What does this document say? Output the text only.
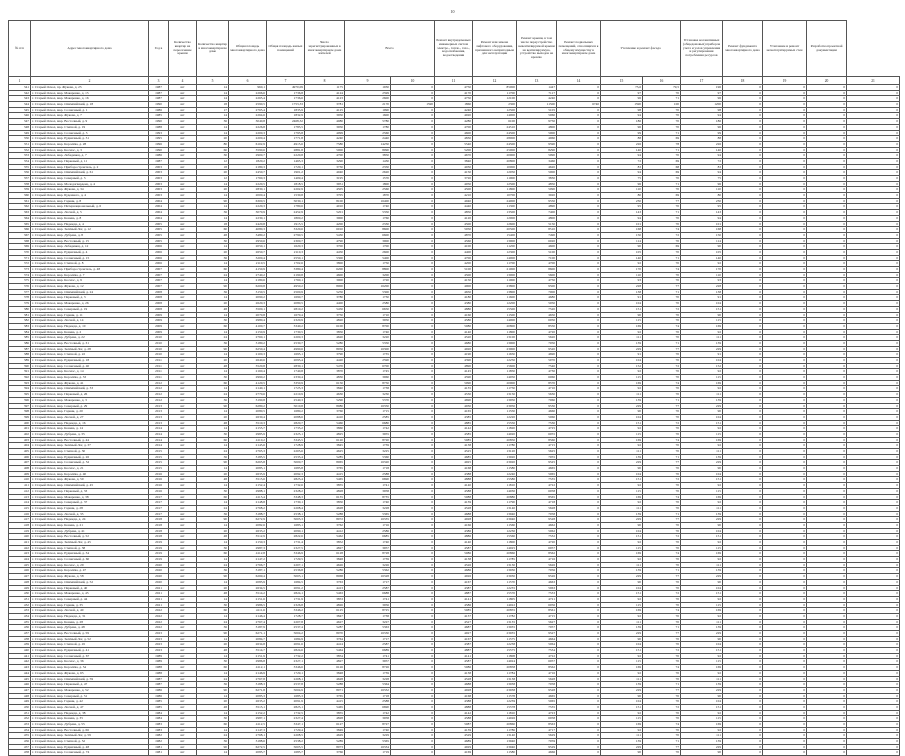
10
№ п/п	Адрес многоквартирного дома	Год в	Количество квартир на пересечение крыши	Количество квартир в многоквартирном доме	Общая площадь многоквартирного дома	Общая площадь жилых помещений	Число зарегистрированных в многоквартирном доме жителей	Всего		Ремонт внутридомовых инженерных систем электро-, тепло-, газо-, водоснабжения, водоотведения	Ремонт или замена лифтового оборудования, признанного непригодным для эксплуатации	Ремонт крыши, в том числе переустройство невентилируемой крыши на вентилируемую, устройство выходов на кровлю	Ремонт подвальных помещений, относящихся к общему имуществу в многоквартирном доме	Утепление и ремонт фасада		Установка коллективных (общедомовых) приборов учета и узлов управления и регулирования потребления ресурсов	Ремонт фундамента многоквартирного дома	Утепление и ремонт неэксплуатируемых стен	Разработка проектной документации	
1	2	3	4	5	6	7	8	9	10	11	12	13	14	15	16	17	18	19	20	21
341	г. Старый Оскол, пр. Жукова, д. 25	1987	шт	14	960,1	4970,09	1175	1930	0	4750	85000	1447	0	73,6	79,5	196	0	0	0	0
342	г. Старый Оскол, мкр. Макаренко, д. 15	1987	шт	14	2266,6	1736,8	4124	2599	0	4170	11700	7117	0	97	70	97	0	0	0	0
343	г. Старый Оскол, мкр. Макаренко, д. 16	1987	шт	14	2265,4	1736,6	4123	2600	0	4750	12100	4240	0	96	71	96	0	0	0	0
344	г. Старый Оскол, мкр. Олимпийский, д. 18	1990	шт	18	2590,5	1753,33	3781	2170	1590	1860	2300	11500	6740	1590	100	1200	0	0	0	0
345	г. Старый Оскол, мкр. Солнечный, д. 1	1986	шт	17	2765,4	1835,9	4125	1990	0	4240	12500	5105	0	98	70	98	0	0	0	0
346	г. Старый Оскол, мкр. Жукова, д. 7	1985	шт	14	2264,6	1832,9	3950	1600	0	4020	14000	5060	0	94	70	94	0	0	0	0
347	г. Старый Оскол, мкр. Восточный, д. 9	1990	шт	36	3040,8	2468,32	4080	5780	0	4280	6100	9750	0	186	70	186	0	0	0	0
348	г. Старый Оскол, мкр. Степной, д. 19	1988	шт	14	2226,8	1783,5	3950	1780	0	4700	24510	4800	0	96	70	96	0	0	0	0
349	г. Старый Оскол, мкр. Солнечный, д. 3	1993	шт	14	2200,3	1793,8	4099	2560	0	4600	24500	5000	0	99	71	99	0	0	0	0
350	г. Старый Оскол, мкр. Рудничный, д. 31	1995	шт	20	2200,4	1771,8	4240	2440	0	4830	28000	4960	0	88	69	88	0	0	0	0
351	г. Старый Оскол, мкр. Королёва, д. 28	1996	шт	80	6102,9	4915,6	7580	14250	0	5540	24500	9590	0	226	78	226	0	0	0	0
352	г. Старый Оскол, мкр. Космос, д. 3	1990	шт	60	3590,6	2881,8	5000	8090	0	5200	25000	8290	0	140	71	140	0	0	0	0
353	г. Старый Оскол, мкр. Лебединец, д. 7	1986	шт	30	2900,7	2220,8	4700	3850	0	4670	20900	5990	0	94	70	94	0	0	0	0
354	г. Старый Оскол, мкр. Парковый, д. 11	1987	шт	12	1820,2	1465,3	3290	1430	0	3840	20800	3460	0	72	69	72	0	0	0	0
355	г. Старый Оскол, мкр. Приборостроитель, д. 2	2003	шт	18	2180,3	1720,1	3730	2350	0	4030	10000	4620	0	83	68	83	0	0	0	0
356	г. Старый Оскол, мкр. Олимпийский, д. 61	2003	шт	20	2450,7	1901,2	4040	2620	0	4150	12050	5000	0	94	69	94	0	0	0	0
357	г. Старый Оскол, мкр. Северный, д. 5	2003	шт	12	1760,3	1409,4	3195	1570	0	3720	11900	3830	0	75	70	75	0	0	0	0
358	г. Старый Оскол, мкр. Молодогвардеец, д. 4	2003	шт	14	2220,5	1818,5	3951	1800	0	4050	12500	4850	0	96	71	96	0	0	0	0
359	г. Старый Оскол, мкр. Жукова, д. 34	2003	шт	20	2830,1	2202,9	4505	2560	0	4500	11800	5090	0	110	70	110	0	0	0	0
360	г. Старый Оскол, мкр. Буденного, д. 4	2003	шт	14	2000,4	1530,8	3705	1870	0	4210	10700	3920	0	80	69	80	0	0	0	0
361	г. Старый Оскол, мкр. Горняк, д. 8	2004	шт	90	6300,5	5030,1	8100	16400	0	4940	24000	9550	0	230	77	230	0	0	0	0
362	г. Старый Оскол, мкр. Интернациональный, д. 6	2004	шт	14	2220,3	1780,6	4010	1740	0	4440	11300	4890	0	95	70	95	0	0	0	0
363	г. Старый Оскол, мкр. Лесной, д. 5	2004	шт	36	3070,9	2452,9	5201	5350	0	4850	13500	7400	0	143	71	143	0	0	0	0
364	г. Старый Оскол, мкр. Конева, д. 8	2004	шт	14	2230,1	1800,2	3900	1760	0	4120	12000	4800	0	94	70	94	0	0	0	0
365	г. Старый Оскол, мкр. Надежда, д. 4	2005	шт	18	2420,8	1915,5	4200	2330	0	4500	12600	5150	0	101	70	101	0	0	0	0
366	г. Старый Оскол, мкр. Зелёный Лог, д. 12	2005	шт	60	4080,3	3320,6	6010	8600	0	5050	20500	8510	0	168	74	168	0	0	0	0
367	г. Старый Оскол, мкр. Дубрава, д. 8	2005	шт	48	3480,2	2790,5	5430	6600	0	4870	15400	7490	0	150	72	150	0	0	0	0
368	г. Старый Оскол, мкр. Восточный, д. 15	2005	шт	30	2950,6	2300,7	4790	3900	0	4560	13900	6020	0	114	70	114	0	0	0	0
369	г. Старый Оскол, мкр. Лебединец, д. 12	2006	шт	14	2050,1	1620,3	3700	1700	0	4100	11200	4600	0	90	69	90	0	0	0	0
370	г. Старый Оскол, мкр. Рудничный, д. 4	2006	шт	20	2650,7	2110,3	4450	2600	0	4400	12300	5100	0	105	70	105	0	0	0	0
371	г. Старый Оскол, мкр. Солнечный, д. 15	2006	шт	36	3200,4	2550,1	5300	5400	0	4700	14000	7100	0	140	71	140	0	0	0	0
372	г. Старый Оскол, мкр. Степной, д. 8	2006	шт	14	2110,5	1702,6	3800	1750	0	4200	11700	4700	0	92	70	92	0	0	0	0
373	г. Старый Оскол, мкр. Приборостроитель, д. 48	2007	шт	60	4150,9	3380,4	6200	8800	0	5100	21000	8600	0	170	74	170	0	0	0	0
374	г. Старый Оскол, мкр. Королёва, д. 7	2007	шт	24	2740,2	2190,8	4600	3200	0	4500	13000	5600	0	110	70	110	0	0	0	0
375	г. Старый Оскол, мкр. Космос, д. 9	2007	шт	14	2180,6	1760,1	3900	1720	0	4150	11900	4750	0	93	70	93	0	0	0	0
376	г. Старый Оскол, мкр. Жукова, д. 12	2007	шт	90	6200,8	4950,2	8000	16200	0	4900	23800	9500	0	228	77	228	0	0	0	0
377	г. Старый Оскол, мкр. Олимпийский, д. 24	2008	шт	36	3150,5	2500,9	5250	5300	0	4650	13800	7000	0	138	71	138	0	0	0	0
378	г. Старый Оскол, мкр. Парковый, д. 3	2008	шт	14	2090,2	1690,7	3780	1730	0	4180	11600	4680	0	91	70	91	0	0	0	0
379	г. Старый Оскол, мкр. Макаренко, д. 26	2008	шт	20	2620,3	2080,5	4400	2580	0	4380	12200	5050	0	104	70	104	0	0	0	0
380	г. Старый Оскол, мкр. Северный, д. 19	2008	шт	48	3500,1	2810,2	5450	6650	0	4880	15500	7520	0	151	72	151	0	0	0	0
381	г. Старый Оскол, мкр. Горняк, д. 11	2009	шт	14	2070,8	1670,4	3750	1710	0	4160	11500	4650	0	90	70	90	0	0	0	0
382	г. Старый Оскол, мкр. Лесной, д. 14	2009	шт	30	2980,4	2320,9	4820	3950	0	4580	14000	6050	0	115	70	115	0	0	0	0
383	г. Старый Оскол, мкр. Надежда, д. 10	2009	шт	60	4100,7	3340,2	6100	8700	0	5080	20800	8550	0	169	74	169	0	0	0	0
384	г. Старый Оскол, мкр. Конева, д. 2	2009	шт	14	2150,9	1730,5	3850	1740	0	4140	11800	4720	0	92	70	92	0	0	0	0
385	г. Старый Оскол, мкр. Дубрава, д. 22	2010	шт	24	2760,1	2200,3	4620	3220	0	4520	13100	5620	0	111	70	111	0	0	0	0
386	г. Старый Оскол, мкр. Восточный, д. 31	2010	шт	36	3180,2	2530,7	5280	5350	0	4680	13900	7050	0	139	71	139	0	0	0	0
387	г. Старый Оскол, мкр. Зелёный Лог, д. 28	2010	шт	90	6250,4	4990,6	8050	16300	0	4920	23900	9520	0	229	77	229	0	0	0	0
388	г. Старый Оскол, мкр. Степной, д. 22	2010	шт	14	2100,3	1695,1	3790	1735	0	4190	11650	4690	0	91	70	91	0	0	0	0
389	г. Старый Оскол, мкр. Рудничный, д. 18	2011	шт	20	2640,6	2095,4	4420	2590	0	4390	12250	5070	0	104	70	104	0	0	0	0
390	г. Старый Оскол, мкр. Солнечный, д. 40	2011	шт	48	3520,8	2830,1	5470	6700	0	4890	15600	7540	0	152	72	152	0	0	0	0
391	г. Старый Оскол, мкр. Космос, д. 14	2011	шт	14	2160,4	1740,8	3870	1745	0	4145	11850	4730	0	92	70	92	0	0	0	0
392	г. Старый Оскол, мкр. Королёва, д. 33	2011	шт	30	2990,2	2330,4	4830	3960	0	4590	14050	6060	0	115	70	115	0	0	0	0
393	г. Старый Оскол, мкр. Жукова, д. 41	2012	шт	60	4120,5	3350,9	6150	8750	0	5090	20900	8570	0	169	74	169	0	0	0	0
394	г. Старый Оскол, мкр. Олимпийский, д. 33	2012	шт	14	2140,1	1725,3	3840	1738	0	4135	11750	4710	0	92	70	92	0	0	0	0
395	г. Старый Оскол, мкр. Парковый, д. 26	2012	шт	24	2770,6	2210,9	4630	3230	0	4530	13150	5630	0	111	70	111	0	0	0	0
396	г. Старый Оскол, мкр. Макаренко, д. 3	2012	шт	36	3190,8	2540,3	5290	5370	0	4690	13950	7060	0	139	71	139	0	0	0	0
397	г. Старый Оскол, мкр. Северный, д. 29	2013	шт	90	6280,2	5010,8	8080	16350	0	4930	23950	9530	0	229	77	229	0	0	0	0
398	г. Старый Оскол, мкр. Горняк, д. 20	2013	шт	14	2080,5	1680,2	3760	1715	0	4165	11550	4660	0	90	70	90	0	0	0	0
399	г. Старый Оскол, мкр. Лесной, д. 27	2013	шт	20	2630,4	2088,6	4410	2585	0	4385	12220	5060	0	104	70	104	0	0	0	0
400	г. Старый Оскол, мкр. Надежда, д. 16	2013	шт	48	3510,3	2820,7	5460	6680	0	4885	15550	7530	0	151	72	151	0	0	0	0
401	г. Старый Оскол, мкр. Конева, д. 14	2014	шт	14	2155,7	1735,2	3860	1742	0	4142	11820	4725	0	92	70	92	0	0	0	0
402	г. Старый Оскол, мкр. Дубрава, д. 35	2014	шт	30	2985,9	2325,1	4825	3955	0	4585	14020	6055	0	115	70	115	0	0	0	0
403	г. Старый Оскол, мкр. Восточный, д. 44	2014	шт	60	4110,2	3345,5	6120	8720	0	5085	20850	8560	0	169	74	169	0	0	0	0
404	г. Старый Оскол, мкр. Зелёный Лог, д. 37	2014	шт	14	2145,6	1728,9	3845	1739	0	4138	11780	4715	0	92	70	92	0	0	0	0
405	г. Старый Оскол, мкр. Степной, д. 30	2015	шт	24	2765,3	2205,6	4625	3225	0	4525	13120	5625	0	111	70	111	0	0	0	0
406	г. Старый Оскол, мкр. Рудничный, д. 26	2015	шт	36	3185,5	2535,4	5285	5360	0	4685	13920	7055	0	139	71	139	0	0	0	0
407	г. Старый Оскол, мкр. Солнечный, д. 52	2015	шт	90	6265,8	5000,7	8065	16320	0	4925	23920	9525	0	229	77	229	0	0	0	0
408	г. Старый Оскол, мкр. Космос, д. 21	2015	шт	14	2085,1	1685,8	3765	1718	0	4168	11580	4665	0	90	70	90	0	0	0	0
409	г. Старый Оскол, мкр. Королёва, д. 40	2016	шт	20	2635,9	2092,3	4415	2588	0	4388	12240	5065	0	104	70	104	0	0	0	0
410	г. Старый Оскол, мкр. Жукова, д. 50	2016	шт	48	3515,6	2825,4	5465	6690	0	4888	15580	7535	0	151	72	151	0	0	0	0
411	г. Старый Оскол, мкр. Олимпийский, д. 45	2016	шт	14	2152,4	1732,6	3855	1741	0	4140	11810	4722	0	92	70	92	0	0	0	0
412	г. Старый Оскол, мкр. Парковый, д. 33	2016	шт	30	2988,1	2328,2	4828	3958	0	4588	14030	6058	0	115	70	115	0	0	0	0
413	г. Старый Оскол, мкр. Макаренко, д. 38	2017	шт	60	4115,4	3348,3	6135	8735	0	5088	20880	8565	0	169	74	169	0	0	0	0
414	г. Старый Оскол, мкр. Северный, д. 37	2017	шт	14	2148,8	1730,1	3850	1740	0	4139	11790	4718	0	92	70	92	0	0	0	0
415	г. Старый Оскол, мкр. Горняк, д. 28	2017	шт	24	2768,2	2208,4	4628	3228	0	4528	13140	5628	0	111	70	111	0	0	0	0
416	г. Старый Оскол, мкр. Лесной, д. 33	2017	шт	36	3188,7	2538,1	5288	5365	0	4688	13940	7058	0	139	71	139	0	0	0	0
417	г. Старый Оскол, мкр. Надежда, д. 24	2018	шт	90	6272,9	5005,3	8072	16335	0	4928	23940	9528	0	229	77	229	0	0	0	0
418	г. Старый Оскол, мкр. Конева, д. 21	2018	шт	14	2082,6	1683,1	3762	1716	0	4166	11560	4662	0	90	70	90	0	0	0	0
419	г. Старый Оскол, мкр. Дубрава, д. 41	2018	шт	20	2633,2	2090,1	4412	2586	0	4386	12230	5062	0	104	70	104	0	0	0	0
420	г. Старый Оскол, мкр. Восточный, д. 52	2018	шт	48	3512,9	2822,6	5462	6685	0	4886	15560	7532	0	151	72	151	0	0	0	0
421	г. Старый Оскол, мкр. Зелёный Лог, д. 45	2019	шт	14	2150,3	1731,4	3852	1740	0	4140	11800	4720	0	92	70	92	0	0	0	0
422	г. Старый Оскол, мкр. Степной, д. 38	2019	шт	30	2987,3	2327,5	4827	3957	0	4587	14025	6057	0	115	70	115	0	0	0	0
423	г. Старый Оскол, мкр. Рудничный, д. 34	2019	шт	60	4112,8	3346,9	6128	8728	0	5086	20860	8562	0	169	74	169	0	0	0	0
424	г. Старый Оскол, мкр. Солнечный, д. 60	2019	шт	14	2147,2	1729,5	3848	1739	0	4138	11785	4716	0	92	70	92	0	0	0	0
425	г. Старый Оскол, мкр. Космос, д. 29	2020	шт	24	2766,7	2207,1	4626	3226	0	4526	13130	5626	0	111	70	111	0	0	0	0
426	г. Старый Оскол, мкр. Королёва, д. 47	2020	шт	36	3187,1	2536,8	5286	5362	0	4686	13930	7056	0	139	71	139	0	0	0	0
427	г. Старый Оскол, мкр. Жукова, д. 58	2020	шт	90	6269,4	5003,1	8068	16328	0	4926	23930	9526	0	229	77	229	0	0	0	0
428	г. Старый Оскол, мкр. Олимпийский, д. 52	2020	шт	14	2083,9	1684,5	3763	1717	0	4167	11570	4663	0	90	70	90	0	0	0	0
429	г. Старый Оскол, мкр. Парковый, д. 40	2021	шт	20	2634,5	2091,2	4413	2587	0	4387	12235	5063	0	104	70	104	0	0	0	0
430	г. Старый Оскол, мкр. Макаренко, д. 45	2021	шт	48	3514,2	2824,1	5463	6688	0	4887	15570	7533	0	151	72	151	0	0	0	0
431	г. Старый Оскол, мкр. Северный, д. 44	2021	шт	14	2151,6	1731,9	3853	1741	0	4141	11805	4721	0	92	70	92	0	0	0	0
432	г. Старый Оскол, мкр. Горняк, д. 35	2021	шт	30	2986,5	2326,8	4826	3956	0	4586	14022	6056	0	115	70	115	0	0	0	0
433	г. Старый Оскол, мкр. Лесной, д. 40	2022	шт	60	4111,6	3346,2	6125	8725	0	5085	20855	8561	0	169	74	169	0	0	0	0
434	г. Старый Оскол, мкр. Надежда, д. 31	2022	шт	14	2146,4	1728,7	3847	1738	0	4137	11782	4715	0	92	70	92	0	0	0	0
435	г. Старый Оскол, мкр. Конева, д. 28	2022	шт	24	2767,4	2207,8	4627	3227	0	4527	13135	5627	0	111	70	111	0	0	0	0
436	г. Старый Оскол, мкр. Дубрава, д. 48	2022	шт	36	3187,9	2537,4	5287	5363	0	4687	13935	7057	0	139	71	139	0	0	0	0
437	г. Старый Оскол, мкр. Восточный, д. 59	2023	шт	90	6271,1	5004,2	8070	16330	0	4927	23935	9527	0	229	77	229	0	0	0	0
438	г. Старый Оскол, мкр. Зелёный Лог, д. 52	2023	шт	14	2084,7	1684,9	3764	1717	0	4167	11575	4664	0	90	70	90	0	0	0	0
439	г. Старый Оскол, мкр. Степной, д. 45	2023	шт	20	2634,8	2091,6	4414	2587	0	4387	12238	5064	0	104	70	104	0	0	0	0
440	г. Старый Оскол, мкр. Рудничный, д. 41	2023	шт	48	3514,7	2824,6	5464	6689	0	4887	15575	7534	0	151	72	151	0	0	0	0
441	г. Старый Оскол, мкр. Солнечный, д. 67	1989	шт	14	2151,9	1732,2	3854	1741	0	4141	11808	4722	0	92	70	92	0	0	0	0
442	г. Старый Оскол, мкр. Космос, д. 36	1989	шт	30	2986,8	2327,1	4827	3957	0	4587	14024	6057	0	115	70	115	0	0	0	0
443	г. Старый Оскол, мкр. Королёва, д. 54	1988	шт	60	4112,1	3346,6	6126	8726	0	5086	20858	8562	0	169	74	169	0	0	0	0
444	г. Старый Оскол, мкр. Жукова, д. 65	1988	шт	14	2146,9	1729,1	3848	1739	0	4138	11784	4716	0	92	70	92	0	0	0	0
445	г. Старый Оскол, мкр. Олимпийский, д. 59	1987	шт	24	2767,8	2208,1	4628	3228	0	4528	13138	5628	0	111	70	111	0	0	0	0
446	г. Старый Оскол, мкр. Парковый, д. 47	1987	шт	36	3188,3	2537,8	5288	5364	0	4688	13938	7058	0	139	71	139	0	0	0	0
447	г. Старый Оскол, мкр. Макаренко, д. 52	1986	шт	90	6271,8	5004,9	8071	16332	0	4928	23938	9528	0	229	77	229	0	0	0	0
448	г. Старый Оскол, мкр. Северный, д. 51	1986	шт	14	2085,3	1685,3	3765	1718	0	4168	11578	4665	0	90	70	90	0	0	0	0
449	г. Старый Оскол, мкр. Горняк, д. 42	1985	шт	20	2635,2	2091,9	4415	2588	0	4388	12239	5065	0	104	70	104	0	0	0	0
450	г. Старый Оскол, мкр. Лесной, д. 47	1985	шт	48	3515,1	2825,1	5465	6690	0	4888	15578	7535	0	151	72	151	0	0	0	0
451	г. Старый Оскол, мкр. Надежда, д. 38	1984	шт	14	2152,2	1732,5	3855	1742	0	4142	11810	4723	0	92	70	92	0	0	0	0
452	г. Старый Оскол, мкр. Конева, д. 35	1984	шт	30	2987,1	2327,4	4828	3958	0	4588	14026	6058	0	115	70	115	0	0	0	0
453	г. Старый Оскол, мкр. Дубрава, д. 55	1983	шт	60	4112,5	3347,1	6127	8727	0	5087	20860	8563	0	169	74	169	0	0	0	0
454	г. Старый Оскол, мкр. Восточный, д. 66	1983	шт	14	2147,3	1729,4	3849	1740	0	4139	11786	4717	0	92	70	92	0	0	0	0
455	г. Старый Оскол, мкр. Зелёный Лог, д. 59	1982	шт	24	2768,1	2208,5	4629	3229	0	4529	13140	5629	0	111	70	111	0	0	0	0
456	г. Старый Оскол, мкр. Степной, д. 52	1982	шт	36	3188,6	2538,2	5289	5365	0	4689	13940	7059	0	139	71	139	0	0	0	0
457	г. Старый Оскол, мкр. Рудничный, д. 48	1981	шт	90	6272,5	5005,5	8073	16334	0	4929	23940	9529	0	229	77	229	0	0	0	0
458	г. Старый Оскол, мкр. Солнечный, д. 74	1981	шт	14	2085,7	1685,7	3766	1719	0	4169	11580	4666	0	90	70	90	0	0	0	0
